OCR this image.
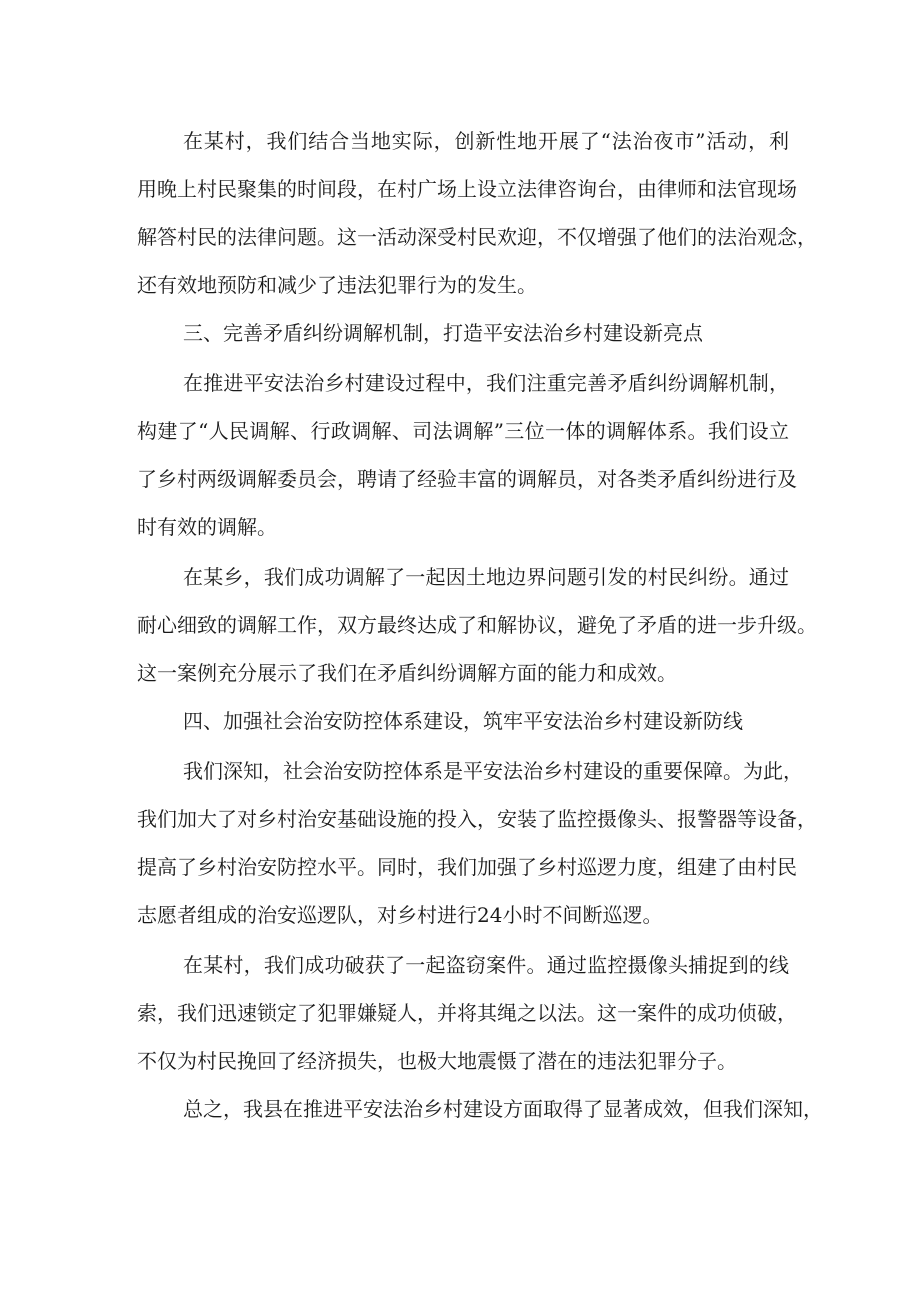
在某村，我们结合当地实际，创新性地开展了“法治夜市”活动，利
用晚上村民聚集的时间段，在村广场上设立法律咨询台，由律师和法官现场
解答村民的法律问题。这一活动深受村民欢迎，不仅增强了他们的法治观念，
还有效地预防和减少了违法犯罪行为的发生。
三、完善矛盾纠纷调解机制，打造平安法治乡村建设新亮点
在推进平安法治乡村建设过程中，我们注重完善矛盾纠纷调解机制，
构建了“人民调解、行政调解、司法调解”三位一体的调解体系。我们设立
了乡村两级调解委员会，聘请了经验丰富的调解员，对各类矛盾纠纷进行及
时有效的调解。
在某乡，我们成功调解了一起因土地边界问题引发的村民纠纷。通过
耐心细致的调解工作，双方最终达成了和解协议，避免了矛盾的进一步升级。
这一案例充分展示了我们在矛盾纠纷调解方面的能力和成效。
四、加强社会治安防控体系建设，筑牢平安法治乡村建设新防线
我们深知，社会治安防控体系是平安法治乡村建设的重要保障。为此，
我们加大了对乡村治安基础设施的投入，安装了监控摄像头、报警器等设备，
提高了乡村治安防控水平。同时，我们加强了乡村巡逻力度，组建了由村民
志愿者组成的治安巡逻队，对乡村进行24小时不间断巡逻。
在某村，我们成功破获了一起盗窃案件。通过监控摄像头捕捉到的线
索，我们迅速锁定了犯罪嫌疑人，并将其绳之以法。这一案件的成功侦破，
不仅为村民挽回了经济损失，也极大地震慑了潜在的违法犯罪分子。
总之，我县在推进平安法治乡村建设方面取得了显著成效，但我们深知，
